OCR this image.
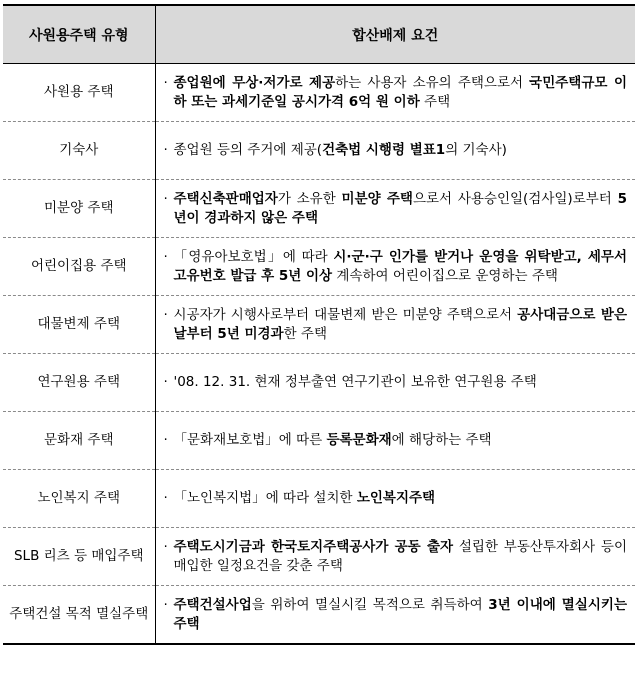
사원용주택 유형	합산배제 요건
사원용 주택	· 종업원에 무상·저가로 제공하는 사용자 소유의 주택으로서 국민주택규모 이하 또는 과세기준일 공시가격 6억 원 이하 주택

기숙사	· 종업원 등의 주거에 제공(건축법 시행령 별표1의 기숙사)

미분양 주택	· 주택신축판매업자가 소유한 미분양 주택으로서 사용승인일(검사일)로부터 5년이 경과하지 않은 주택

어린이집용 주택	· 「영유아보호법」에 따라 시·군·구 인가를 받거나 운영을 위탁받고, 세무서 고유번호 발급 후 5년 이상 계속하여 어린이집으로 운영하는 주택

대물변제 주택	· 시공자가 시행사로부터 대물변제 받은 미분양 주택으로서 공사대금으로 받은 날부터 5년 미경과한 주택

연구원용 주택	· '08. 12. 31. 현재 정부출연 연구기관이 보유한 연구원용 주택

문화재 주택	· 「문화재보호법」에 따른 등록문화재에 해당하는 주택

노인복지 주택	· 「노인복지법」에 따라 설치한 노인복지주택

SLB 리츠 등 매입주택	· 주택도시기금과 한국토지주택공사가 공동 출자 설립한 부동산투자회사 등이 매입한 일정요건을 갖춘 주택

주택건설 목적 멸실주택	· 주택건설사업을 위하여 멸실시킬 목적으로 취득하여 3년 이내에 멸실시키는 주택
